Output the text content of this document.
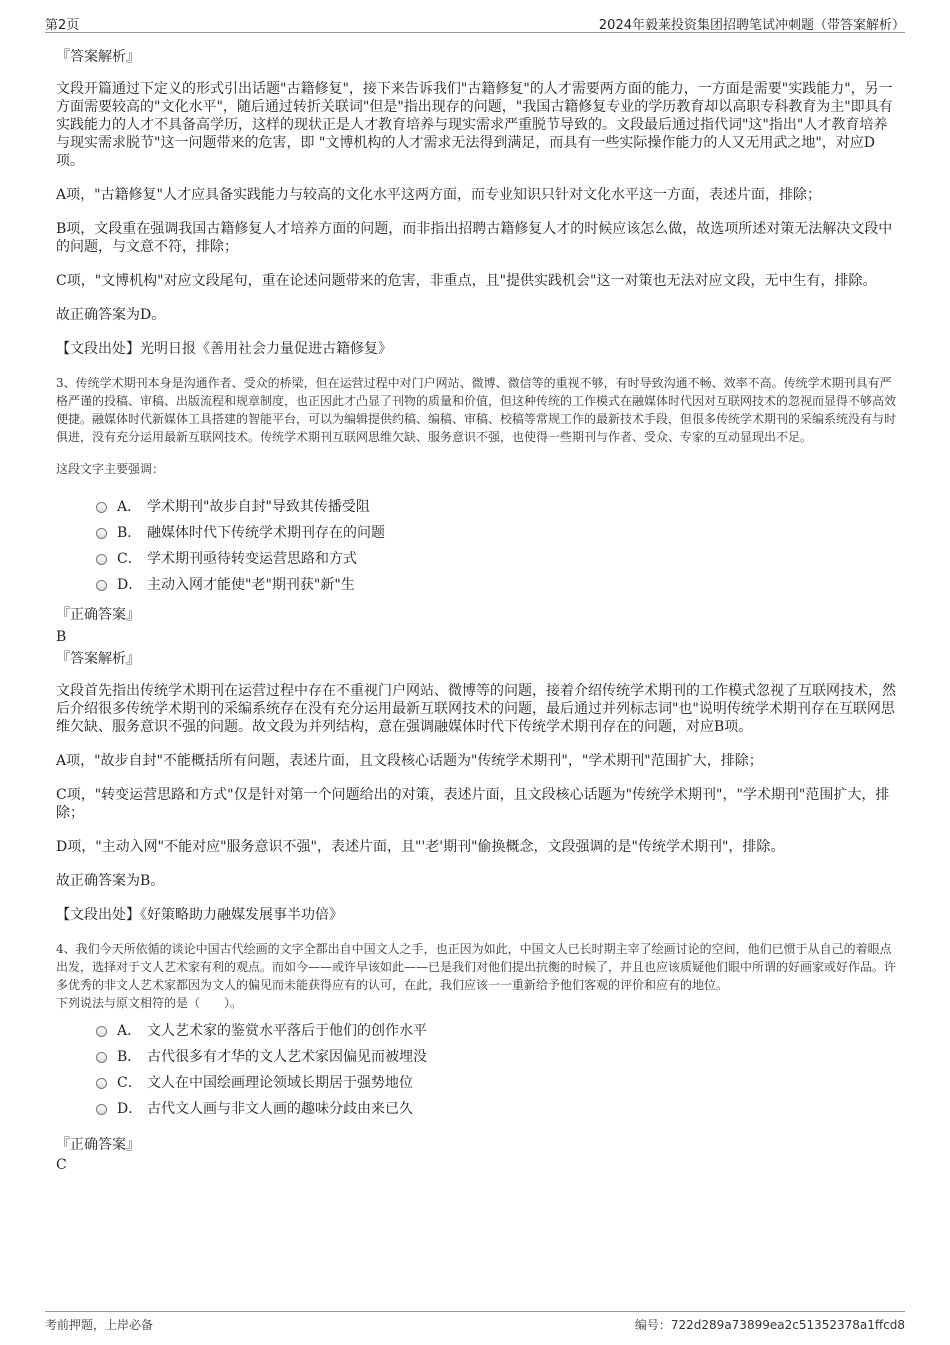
第2页	2024年毅莱投资集团招聘笔试冲刺题（带答案解析）

『答案解析』

文段开篇通过下定义的形式引出话题"古籍修复"，接下来告诉我们"古籍修复"的人才需要两方面的能力，一方面是需要"实践能力"，另一方面需要较高的"文化水平"，随后通过转折关联词"但是"指出现存的问题，"我国古籍修复专业的学历教育却以高职专科教育为主"即具有实践能力的人才不具备高学历，这样的现状正是人才教育培养与现实需求严重脱节导致的。文段最后通过指代词"这"指出"人才教育培养与现实需求脱节"这一问题带来的危害，即 "文博机构的人才需求无法得到满足，而具有一些实际操作能力的人又无用武之地"，对应D项。

A项，"古籍修复"人才应具备实践能力与较高的文化水平这两方面，而专业知识只针对文化水平这一方面，表述片面，排除；

B项，文段重在强调我国古籍修复人才培养方面的问题，而非指出招聘古籍修复人才的时候应该怎么做，故选项所述对策无法解决文段中的问题，与文意不符，排除；

C项，"文博机构"对应文段尾句，重在论述问题带来的危害，非重点，且"提供实践机会"这一对策也无法对应文段，无中生有，排除。

故正确答案为D。

【文段出处】光明日报《善用社会力量促进古籍修复》

3、传统学术期刊本身是沟通作者、受众的桥梁，但在运营过程中对门户网站、微博、微信等的重视不够，有时导致沟通不畅、效率不高。传统学术期刊具有严格严谨的投稿、审稿、出版流程和规章制度，也正因此才凸显了刊物的质量和价值，但这种传统的工作模式在融媒体时代因对互联网技术的忽视而显得不够高效便捷。融媒体时代新媒体工具搭建的智能平台，可以为编辑提供约稿、编稿、审稿、校稿等常规工作的最新技术手段，但很多传统学术期刊的采编系统没有与时俱进，没有充分运用最新互联网技术。传统学术期刊互联网思维欠缺、服务意识不强，也使得一些期刊与作者、受众、专家的互动显现出不足。

这段文字主要强调：

A． 学术期刊"故步自封"导致其传播受阻
B． 融媒体时代下传统学术期刊存在的问题
C． 学术期刊亟待转变运营思路和方式
D． 主动入网才能使"老"期刊获"新"生

『正确答案』

B

『答案解析』

文段首先指出传统学术期刊在运营过程中存在不重视门户网站、微博等的问题，接着介绍传统学术期刊的工作模式忽视了互联网技术，然后介绍很多传统学术期刊的采编系统存在没有充分运用最新互联网技术的问题，最后通过并列标志词"也"说明传统学术期刊存在互联网思维欠缺、服务意识不强的问题。故文段为并列结构，意在强调融媒体时代下传统学术期刊存在的问题，对应B项。

A项，"故步自封"不能概括所有问题，表述片面，且文段核心话题为"传统学术期刊"，"学术期刊"范围扩大，排除；

C项，"转变运营思路和方式"仅是针对第一个问题给出的对策，表述片面，且文段核心话题为"传统学术期刊"，"学术期刊"范围扩大，排除；

D项，"主动入网"不能对应"服务意识不强"，表述片面，且"'老'期刊"偷换概念，文段强调的是"传统学术期刊"，排除。

故正确答案为B。

【文段出处】《好策略助力融媒发展事半功倍》

4、我们今天所依循的谈论中国古代绘画的文字全都出自中国文人之手，也正因为如此，中国文人已长时期主宰了绘画讨论的空间，他们已惯于从自己的着眼点出发，选择对于文人艺术家有利的观点。而如今——或许早该如此——已是我们对他们提出抗衡的时候了，并且也应该质疑他们眼中所谓的好画家或好作品。许多优秀的非文人艺术家都因为文人的偏见而未能获得应有的认可，在此，我们应该一一重新给予他们客观的评价和应有的地位。

下列说法与原文相符的是（　　）。

A． 文人艺术家的鉴赏水平落后于他们的创作水平
B． 古代很多有才华的文人艺术家因偏见而被埋没
C． 文人在中国绘画理论领域长期居于强势地位
D． 古代文人画与非文人画的趣味分歧由来已久

『正确答案』

C

考前押题，上岸必备	编号：722d289a73899ea2c51352378a1ffcd8
